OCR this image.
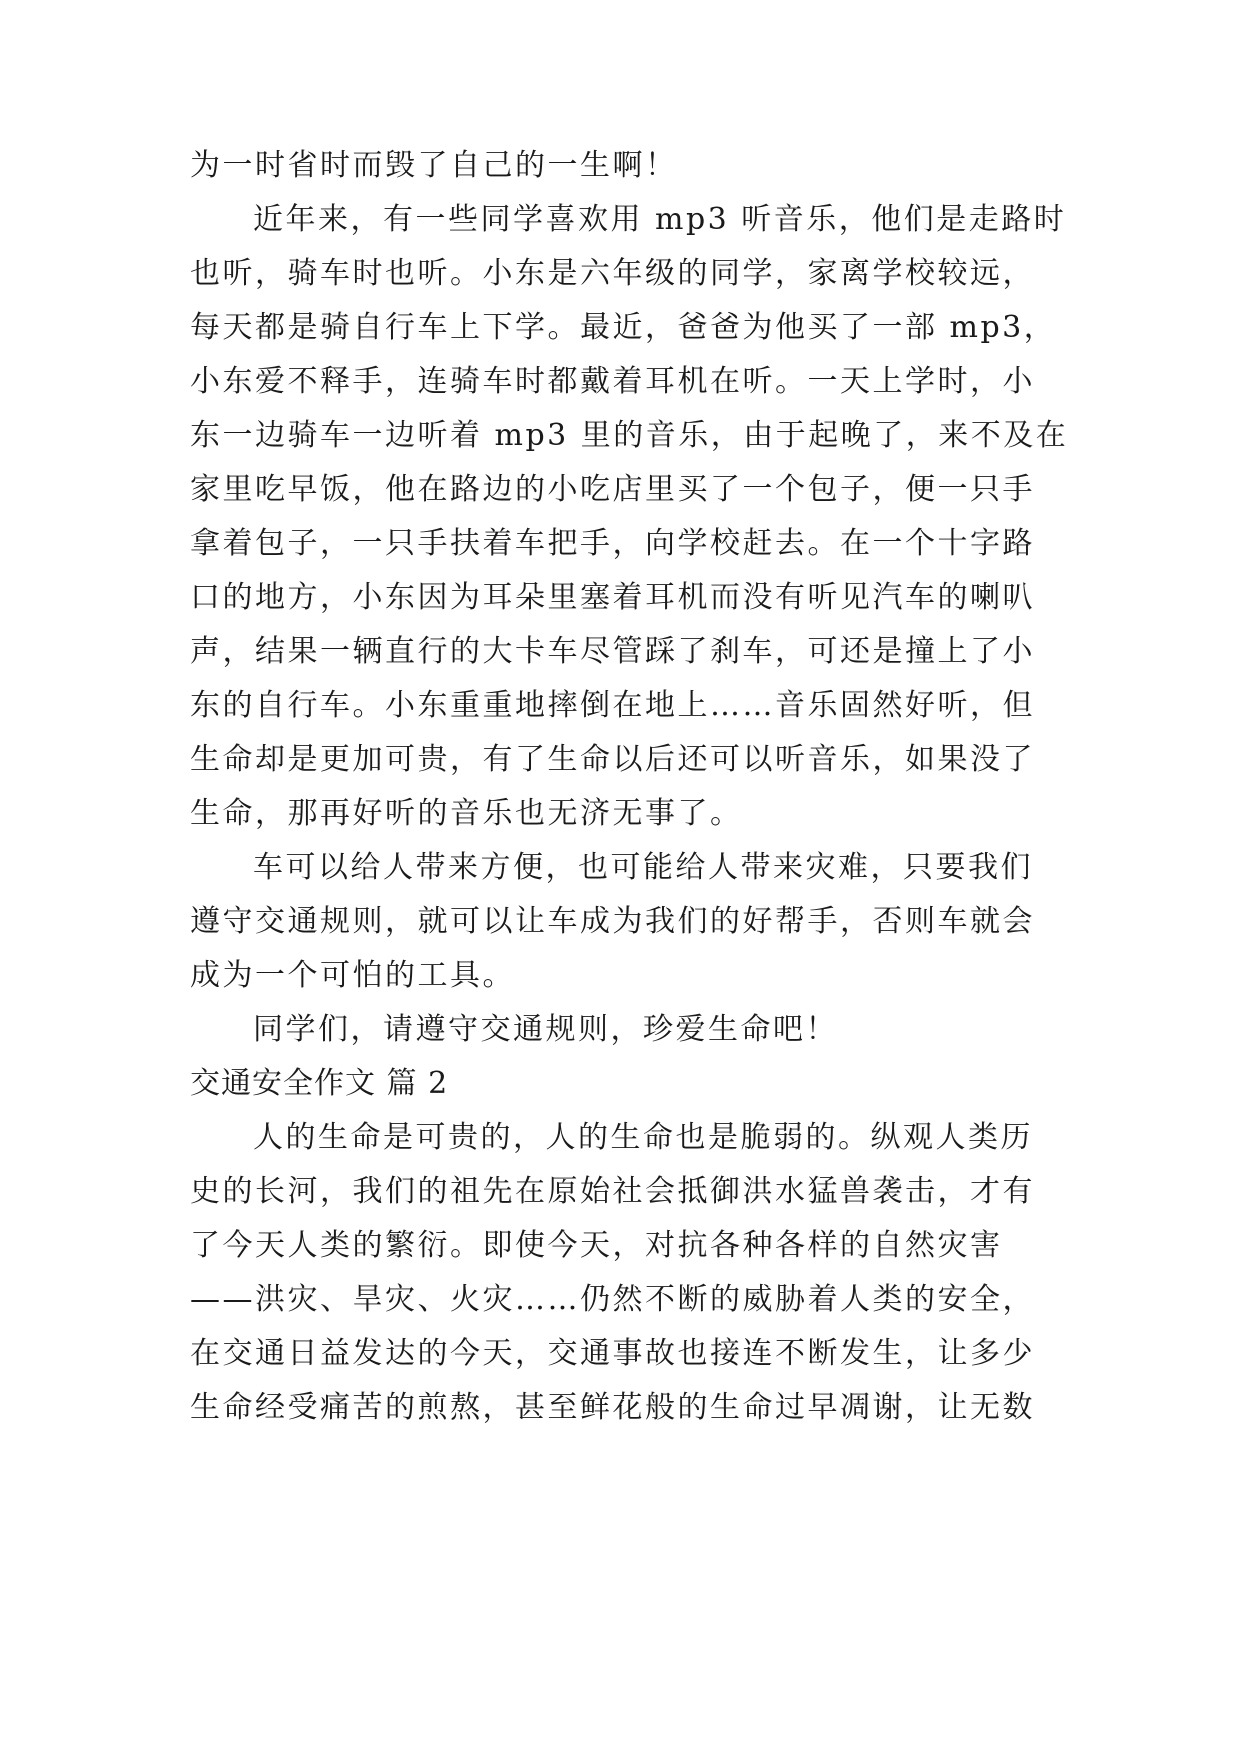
为一时省时而毁了自己的一生啊！
近年来，有一些同学喜欢用 mp3 听音乐，他们是走路时
也听，骑车时也听。小东是六年级的同学，家离学校较远，
每天都是骑自行车上下学。最近，爸爸为他买了一部 mp3，
小东爱不释手，连骑车时都戴着耳机在听。一天上学时，小
东一边骑车一边听着 mp3 里的音乐，由于起晚了，来不及在
家里吃早饭，他在路边的小吃店里买了一个包子，便一只手
拿着包子，一只手扶着车把手，向学校赶去。在一个十字路
口的地方，小东因为耳朵里塞着耳机而没有听见汽车的喇叭
声，结果一辆直行的大卡车尽管踩了刹车，可还是撞上了小
东的自行车。小东重重地摔倒在地上……音乐固然好听，但
生命却是更加可贵，有了生命以后还可以听音乐，如果没了
生命，那再好听的音乐也无济无事了。
车可以给人带来方便，也可能给人带来灾难，只要我们
遵守交通规则，就可以让车成为我们的好帮手，否则车就会
成为一个可怕的工具。
同学们，请遵守交通规则，珍爱生命吧！
交通安全作文 篇 2
人的生命是可贵的，人的生命也是脆弱的。纵观人类历
史的长河，我们的祖先在原始社会抵御洪水猛兽袭击，才有
了今天人类的繁衍。即使今天，对抗各种各样的自然灾害
——洪灾、旱灾、火灾……仍然不断的威胁着人类的安全，
在交通日益发达的今天，交通事故也接连不断发生，让多少
生命经受痛苦的煎熬，甚至鲜花般的生命过早凋谢，让无数
